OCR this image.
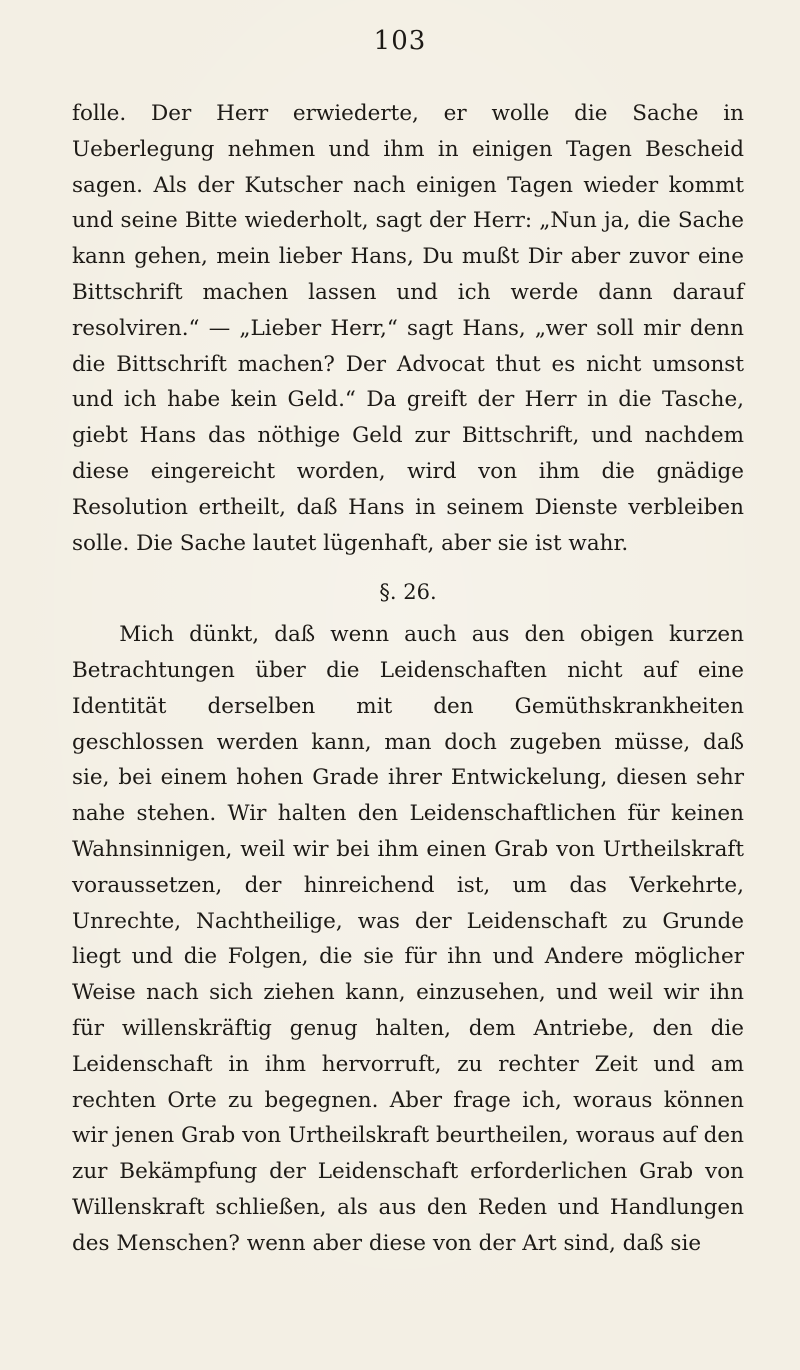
103

folle. Der Herr erwiederte, er wolle die Sache in Ueberlegung nehmen und ihm in einigen Tagen Bescheid sagen. Als der Kutscher nach einigen Tagen wieder kommt und seine Bitte wiederholt, sagt der Herr: „Nun ja, die Sache kann gehen, mein lieber Hans, Du mußt Dir aber zuvor eine Bittschrift machen lassen und ich werde dann darauf resolviren.“ — „Lieber Herr,“ sagt Hans, „wer soll mir denn die Bittschrift machen? Der Advocat thut es nicht umsonst und ich habe kein Geld.“ Da greift der Herr in die Tasche, giebt Hans das nöthige Geld zur Bittschrift, und nachdem diese eingereicht worden, wird von ihm die gnädige Resolution ertheilt, daß Hans in seinem Dienste verbleiben solle. Die Sache lautet lügenhaft, aber sie ist wahr.

§. 26.

Mich dünkt, daß wenn auch aus den obigen kurzen Betrachtungen über die Leidenschaften nicht auf eine Identität derselben mit den Gemüthskrankheiten geschlossen werden kann, man doch zugeben müsse, daß sie, bei einem hohen Grade ihrer Entwickelung, diesen sehr nahe stehen. Wir halten den Leidenschaftlichen für keinen Wahnsinnigen, weil wir bei ihm einen Grab von Urtheilskraft voraussetzen, der hinreichend ist, um das Verkehrte, Unrechte, Nachtheilige, was der Leidenschaft zu Grunde liegt und die Folgen, die sie für ihn und Andere möglicher Weise nach sich ziehen kann, einzusehen, und weil wir ihn für willenskräftig genug halten, dem Antriebe, den die Leidenschaft in ihm hervorruft, zu rechter Zeit und am rechten Orte zu begegnen. Aber frage ich, woraus können wir jenen Grab von Urtheilskraft beurtheilen, woraus auf den zur Bekämpfung der Leidenschaft erforderlichen Grab von Willenskraft schließen, als aus den Reden und Handlungen des Menschen? wenn aber diese von der Art sind, daß sie
